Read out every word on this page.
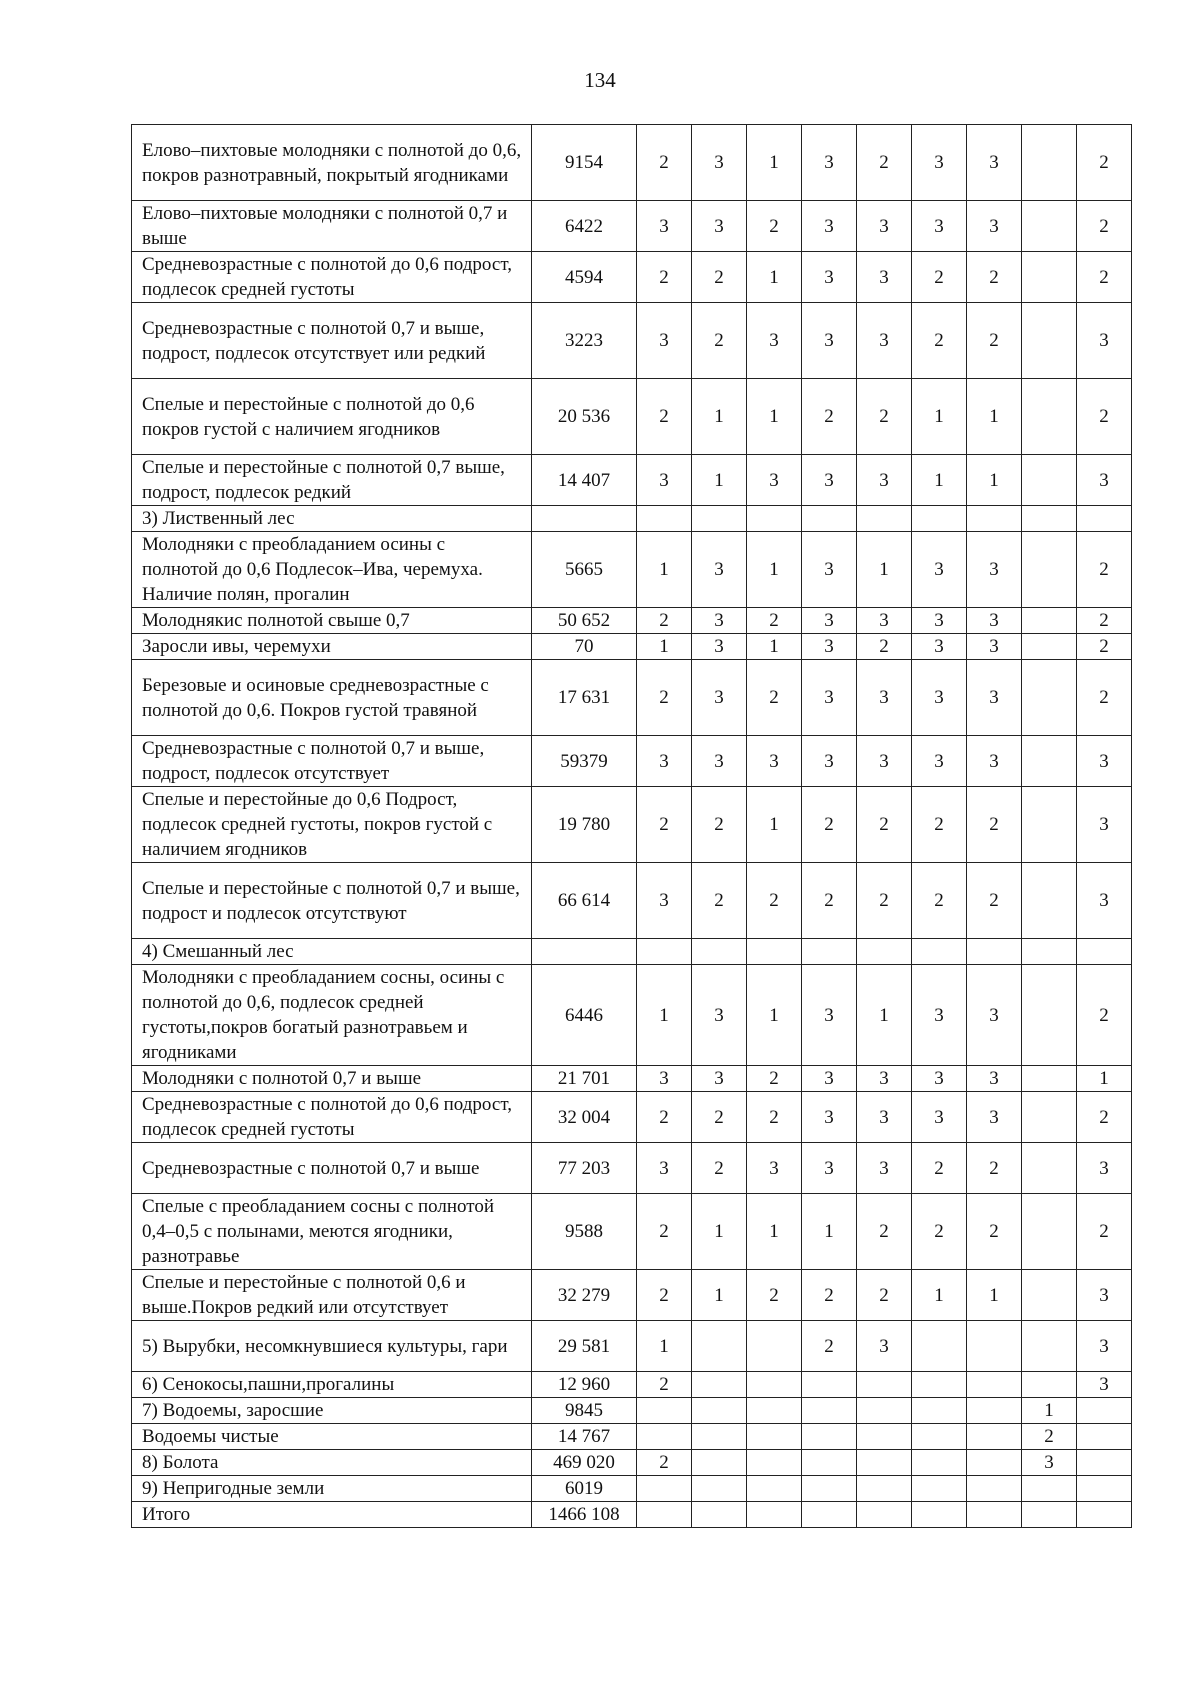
134
Елово–пихтовые молодняки с полнотой до 0,6, покров разнотравный, покрытый ягодниками	9154	2	3	1	3	2	3	3		2
Елово–пихтовые молодняки с полнотой 0,7 и выше	6422	3	3	2	3	3	3	3		2
Средневозрастные с полнотой до 0,6 подрост, подлесок средней густоты	4594	2	2	1	3	3	2	2		2
Средневозрастные с полнотой 0,7 и выше, подрост, подлесок отсутствует или редкий	3223	3	2	3	3	3	2	2		3
Спелые и перестойные с полнотой до 0,6 покров густой с наличием ягодников	20 536	2	1	1	2	2	1	1		2
Спелые и перестойные с полнотой 0,7 выше, подрост, подлесок редкий	14 407	3	1	3	3	3	1	1		3
3) Лиственный лес										
Молодняки с преобладанием осины с полнотой до 0,6 Подлесок–Ива, черемуха. Наличие полян, прогалин	5665	1	3	1	3	1	3	3		2
Молоднякис полнотой свыше 0,7	50 652	2	3	2	3	3	3	3		2
Заросли ивы, черемухи	70	1	3	1	3	2	3	3		2
Березовые и осиновые средневозрастные с полнотой до 0,6. Покров густой травяной	17 631	2	3	2	3	3	3	3		2
Средневозрастные с полнотой 0,7 и выше, подрост, подлесок отсутствует	59379	3	3	3	3	3	3	3		3
Спелые и перестойные до 0,6 Подрост, подлесок средней густоты, покров густой с наличием ягодников	19 780	2	2	1	2	2	2	2		3
Спелые и перестойные с полнотой 0,7 и выше, подрост и подлесок отсутствуют	66 614	3	2	2	2	2	2	2		3
4) Смешанный лес										
Молодняки с преобладанием сосны, осины с полнотой до 0,6, подлесок средней густоты,покров богатый разнотравьем и ягодниками	6446	1	3	1	3	1	3	3		2
Молодняки с полнотой 0,7 и выше	21 701	3	3	2	3	3	3	3		1
Средневозрастные с полнотой до 0,6 подрост, подлесок средней густоты	32 004	2	2	2	3	3	3	3		2
Средневозрастные с полнотой 0,7 и выше	77 203	3	2	3	3	3	2	2		3
Спелые с преобладанием сосны с полнотой 0,4–0,5 с полынами, меются ягодники, разнотравье	9588	2	1	1	1	2	2	2		2
Спелые и перестойные с полнотой 0,6 и выше.Покров редкий или отсутствует	32 279	2	1	2	2	2	1	1		3
5) Вырубки, несомкнувшиеся культуры, гари	29 581	1			2	3				3
6) Сенокосы,пашни,прогалины	12 960	2								3
7) Водоемы, заросшие	9845								1	
Водоемы чистые	14 767								2	
8) Болота	469 020	2							3	
9) Непригодные земли	6019									
Итого	1466 108									
